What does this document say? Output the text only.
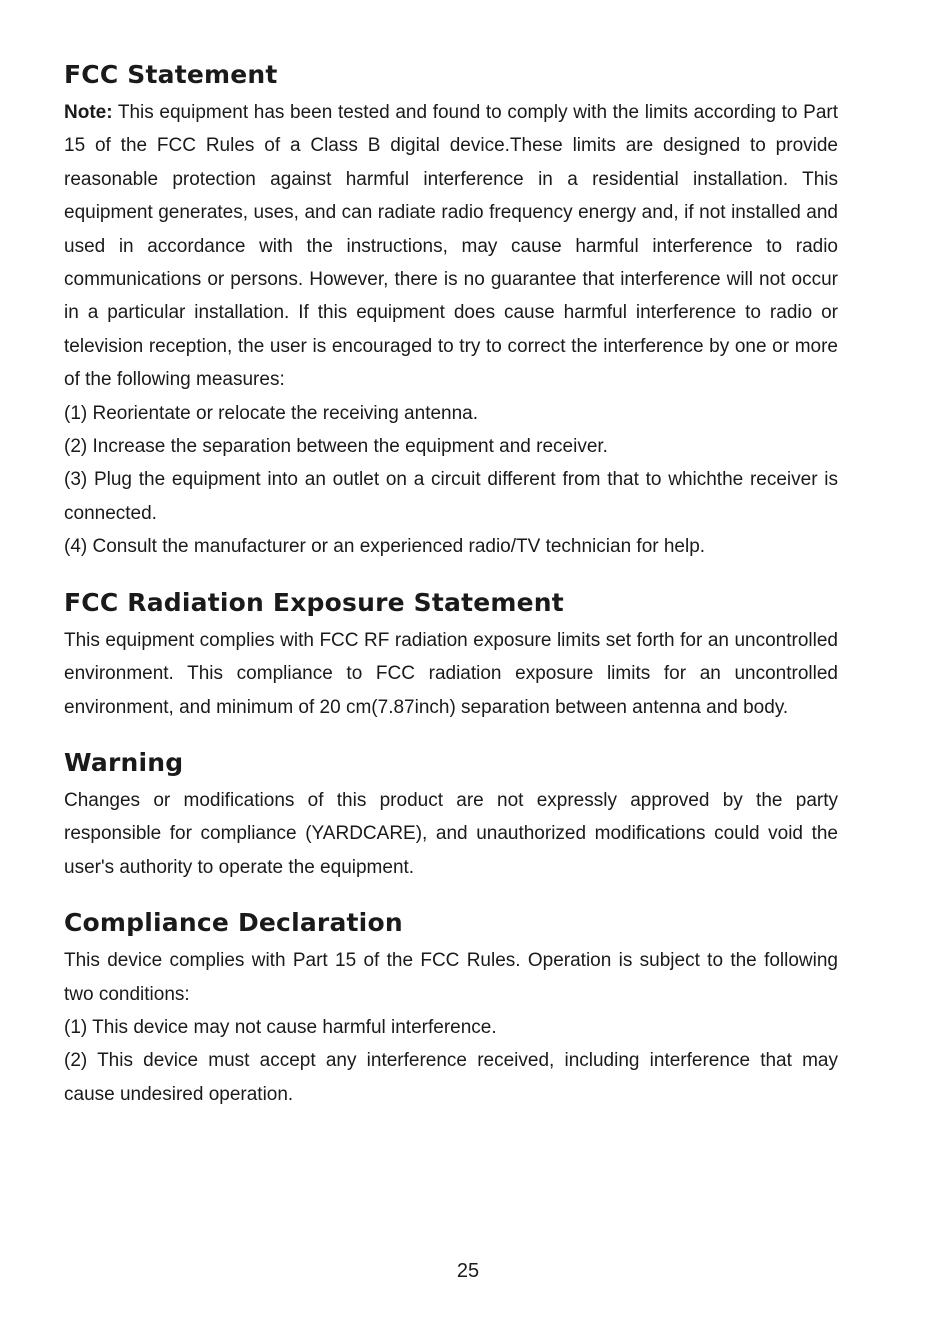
FCC Statement

Note: This equipment has been tested and found to comply with the limits according to Part 15 of the FCC Rules of a Class B digital device.These limits are designed to provide reasonable protection against harmful interference in a residential installation. This equipment generates, uses, and can radiate radio frequency energy and, if not installed and used in accordance with the instructions, may cause harmful interference to radio communications or persons. However, there is no guarantee that interference will not occur in a particular installation. If this equipment does cause harmful interference to radio or television reception, the user is encouraged to try to correct the interference by one or more of the following measures:

(1) Reorientate or relocate the receiving antenna.

(2) Increase the separation between the equipment and receiver.

(3) Plug the equipment into an outlet on a circuit different from that to whichthe receiver is connected.

(4) Consult the manufacturer or an experienced radio/TV technician for help.

FCC Radiation Exposure Statement

This equipment complies with FCC RF radiation exposure limits set forth for an uncontrolled environment. This compliance to FCC radiation exposure limits for an uncontrolled environment, and minimum of 20 cm(7.87inch) separation between antenna and body.

Warning

Changes or modifications of this product are not expressly approved by the party responsible for compliance (YARDCARE), and unauthorized modifications could void the user's authority to operate the equipment.

Compliance Declaration

This device complies with Part 15 of the FCC Rules. Operation is subject to the following two conditions:

(1) This device may not cause harmful interference.

(2) This device must accept any interference received, including interference that may cause undesired operation.

25
